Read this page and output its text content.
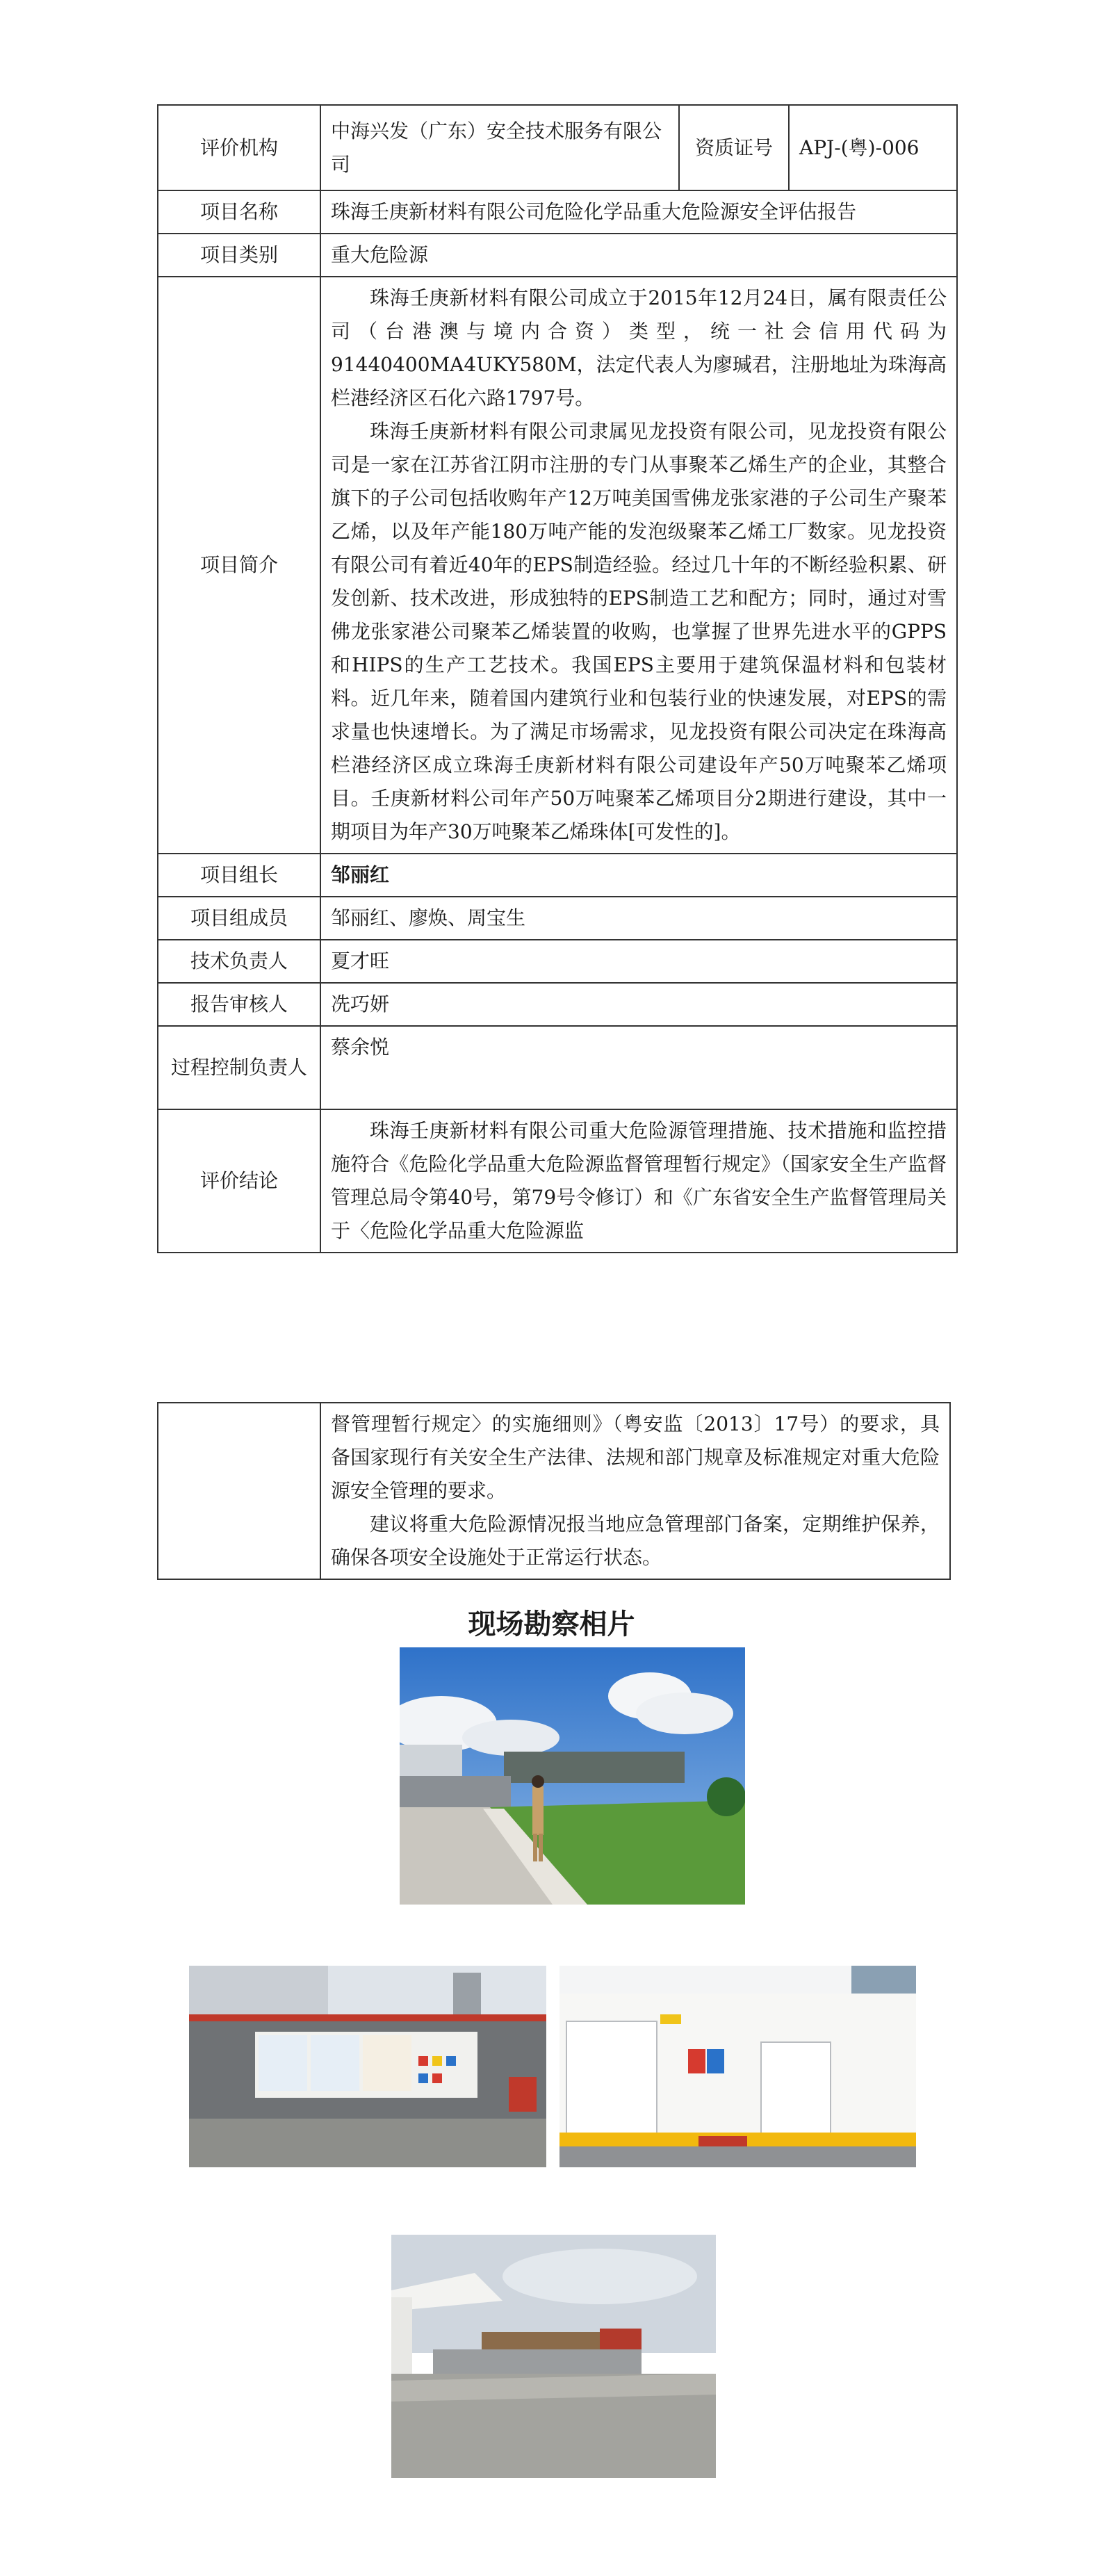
评价机构	中海兴发（广东）安全技术服务有限公司	资质证号	APJ-(粤)-006
项目名称	珠海壬庚新材料有限公司危险化学品重大危险源安全评估报告		
项目类别	重大危险源		
项目简介	珠海壬庚新材料有限公司成立于2015年12月24日，属有限责任公司（台港澳与境内合资）类型，统一社会信用代码为91440400MA4UKY580M，法定代表人为廖瑊君，注册地址为珠海高栏港经济区石化六路1797号。

珠海壬庚新材料有限公司隶属见龙投资有限公司，见龙投资有限公司是一家在江苏省江阴市注册的专门从事聚苯乙烯生产的企业，其整合旗下的子公司包括收购年产12万吨美国雪佛龙张家港的子公司生产聚苯乙烯，以及年产能180万吨产能的发泡级聚苯乙烯工厂数家。见龙投资有限公司有着近40年的EPS制造经验。经过几十年的不断经验积累、研发创新、技术改进，形成独特的EPS制造工艺和配方；同时，通过对雪佛龙张家港公司聚苯乙烯装置的收购，也掌握了世界先进水平的GPPS和HIPS的生产工艺技术。我国EPS主要用于建筑保温材料和包装材料。近几年来，随着国内建筑行业和包装行业的快速发展，对EPS的需求量也快速增长。为了满足市场需求，见龙投资有限公司决定在珠海高栏港经济区成立珠海壬庚新材料有限公司建设年产50万吨聚苯乙烯项目。壬庚新材料公司年产50万吨聚苯乙烯项目分2期进行建设，其中一期项目为年产30万吨聚苯乙烯珠体[可发性的]。		

项目组长	邹丽红		
项目组成员	邹丽红、廖焕、周宝生		
技术负责人	夏才旺		
报告审核人	冼巧妍		
过程控制负责人	蔡余悦		
评价结论	珠海壬庚新材料有限公司重大危险源管理措施、技术措施和监控措施符合《危险化学品重大危险源监督管理暂行规定》（国家安全生产监督管理总局令第40号，第79号令修订）和《广东省安全生产监督管理局关于〈危险化学品重大危险源监		

督管理暂行规定〉的实施细则》（粤安监〔2013〕17号）的要求，具备国家现行有关安全生产法律、法规和部门规章及标准规定对重大危险源安全管理的要求。

建议将重大危险源情况报当地应急管理部门备案，定期维护保养，确保各项安全设施处于正常运行状态。

现场勘察相片
